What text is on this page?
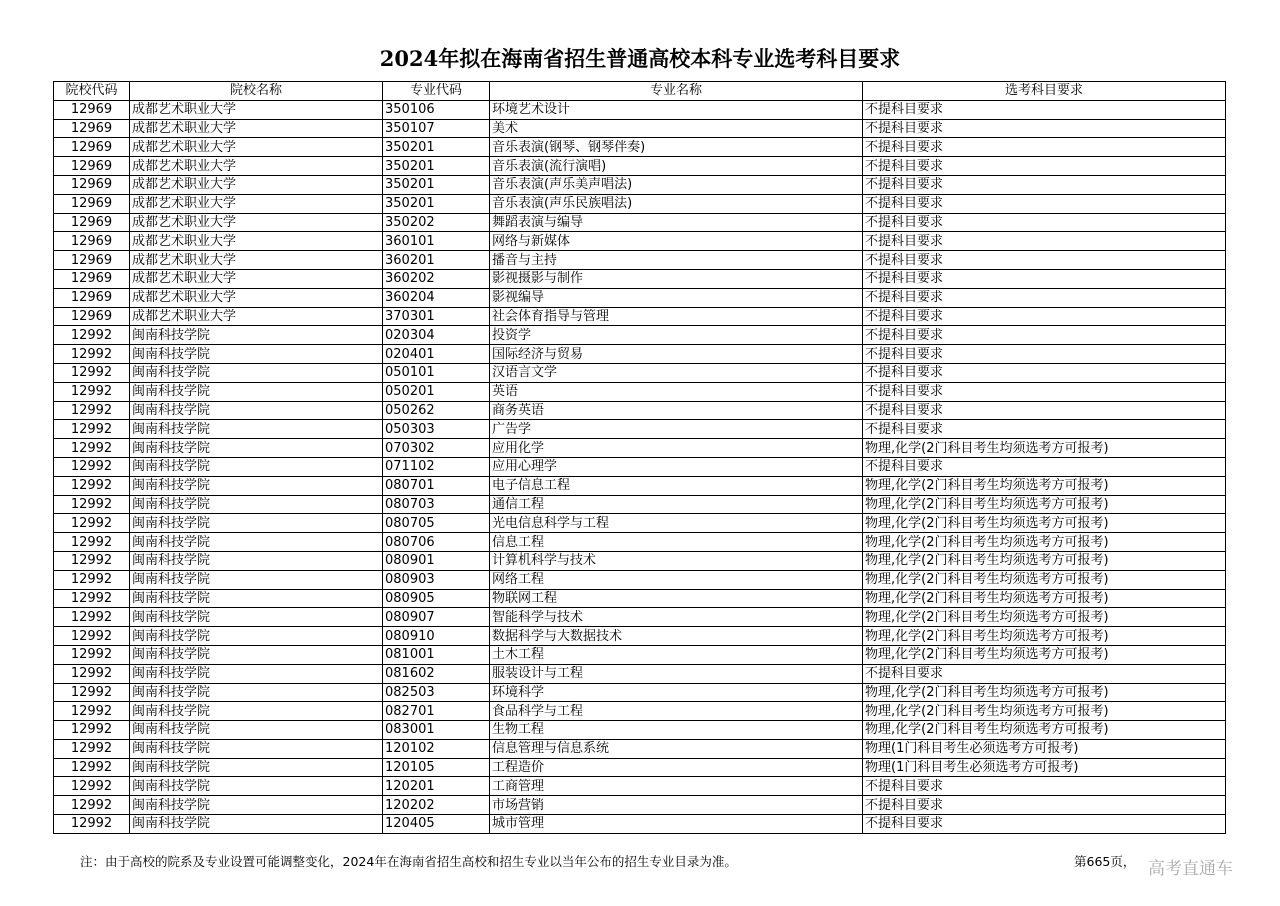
2024年拟在海南省招生普通高校本科专业选考科目要求
院校代码	院校名称	专业代码	专业名称	选考科目要求
12969	成都艺术职业大学	350106	环境艺术设计	不提科目要求
12969	成都艺术职业大学	350107	美术	不提科目要求
12969	成都艺术职业大学	350201	音乐表演(钢琴、钢琴伴奏)	不提科目要求
12969	成都艺术职业大学	350201	音乐表演(流行演唱)	不提科目要求
12969	成都艺术职业大学	350201	音乐表演(声乐美声唱法)	不提科目要求
12969	成都艺术职业大学	350201	音乐表演(声乐民族唱法)	不提科目要求
12969	成都艺术职业大学	350202	舞蹈表演与编导	不提科目要求
12969	成都艺术职业大学	360101	网络与新媒体	不提科目要求
12969	成都艺术职业大学	360201	播音与主持	不提科目要求
12969	成都艺术职业大学	360202	影视摄影与制作	不提科目要求
12969	成都艺术职业大学	360204	影视编导	不提科目要求
12969	成都艺术职业大学	370301	社会体育指导与管理	不提科目要求
12992	闽南科技学院	020304	投资学	不提科目要求
12992	闽南科技学院	020401	国际经济与贸易	不提科目要求
12992	闽南科技学院	050101	汉语言文学	不提科目要求
12992	闽南科技学院	050201	英语	不提科目要求
12992	闽南科技学院	050262	商务英语	不提科目要求
12992	闽南科技学院	050303	广告学	不提科目要求
12992	闽南科技学院	070302	应用化学	物理,化学(2门科目考生均须选考方可报考)
12992	闽南科技学院	071102	应用心理学	不提科目要求
12992	闽南科技学院	080701	电子信息工程	物理,化学(2门科目考生均须选考方可报考)
12992	闽南科技学院	080703	通信工程	物理,化学(2门科目考生均须选考方可报考)
12992	闽南科技学院	080705	光电信息科学与工程	物理,化学(2门科目考生均须选考方可报考)
12992	闽南科技学院	080706	信息工程	物理,化学(2门科目考生均须选考方可报考)
12992	闽南科技学院	080901	计算机科学与技术	物理,化学(2门科目考生均须选考方可报考)
12992	闽南科技学院	080903	网络工程	物理,化学(2门科目考生均须选考方可报考)
12992	闽南科技学院	080905	物联网工程	物理,化学(2门科目考生均须选考方可报考)
12992	闽南科技学院	080907	智能科学与技术	物理,化学(2门科目考生均须选考方可报考)
12992	闽南科技学院	080910	数据科学与大数据技术	物理,化学(2门科目考生均须选考方可报考)
12992	闽南科技学院	081001	土木工程	物理,化学(2门科目考生均须选考方可报考)
12992	闽南科技学院	081602	服装设计与工程	不提科目要求
12992	闽南科技学院	082503	环境科学	物理,化学(2门科目考生均须选考方可报考)
12992	闽南科技学院	082701	食品科学与工程	物理,化学(2门科目考生均须选考方可报考)
12992	闽南科技学院	083001	生物工程	物理,化学(2门科目考生均须选考方可报考)
12992	闽南科技学院	120102	信息管理与信息系统	物理(1门科目考生必须选考方可报考)
12992	闽南科技学院	120105	工程造价	物理(1门科目考生必须选考方可报考)
12992	闽南科技学院	120201	工商管理	不提科目要求
12992	闽南科技学院	120202	市场营销	不提科目要求
12992	闽南科技学院	120405	城市管理	不提科目要求
注：由于高校的院系及专业设置可能调整变化，2024年在海南省招生高校和招生专业以当年公布的招生专业目录为准。	第665页， 高考直通车
